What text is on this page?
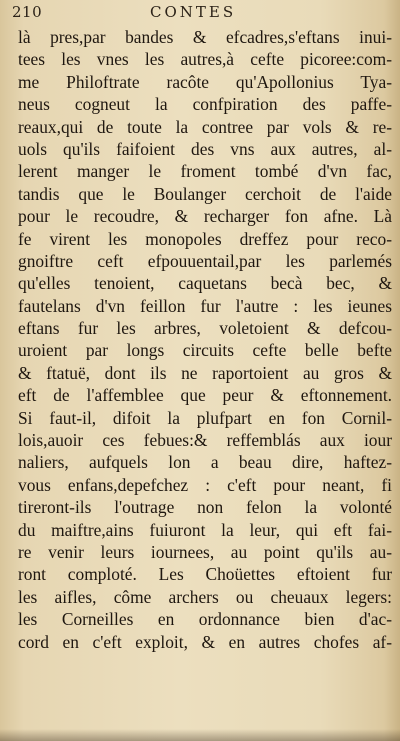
210	CONTES
là pres,par bandes & efcadres,s'eftans inuі-
tees les vnes les autres,à cefte picoree:com-
me Philoftrate racôte qu'Apollonius Tya-
neus cogneut la confpiration des paffe-
reaux,qui de toute la contree par vols & re-
uols qu'ils faifoient des vns aux autres, al-
lerent manger le froment tombé d'vn fac,
tandis que le Boulanger cerchoit de l'aide
pour le recoudre, & recharger fon afne. Là
fe virent les monopoles dreffez pour reco-
gnoiftre ceft efpouuentail,par les parlemés
qu'elles tenoient, caquetans becà bec, &
fautelans d'vn feillon fur l'autre : les ieunes
eftans fur les arbres, voletoient & defcou-
uroient par longs circuits cefte belle befte
& ftatuë, dont ils ne raportoient au gros &
eft de l'affemblee que peur & eftonnement.
Si faut-il, difoit la plufpart en fon Cornil-
lois,auoir ces febues:& reffemblás aux iour
naliers, aufquels lon a beau dire, haftez-
vous enfans,depefchez : c'eft pour neant, fi
tireront-ils l'outrage non felon la volonté
du maiftre,ains fuiuront la leur, qui eft fai-
re venir leurs iournees, au point qu'ils au-
ront comploté. Les Choüettes eftoient fur
les aifles, côme archers ou cheuaux legers:
les Corneilles en ordonnance bien d'ac-
cord en c'eft exploit, & en autres chofes af-
